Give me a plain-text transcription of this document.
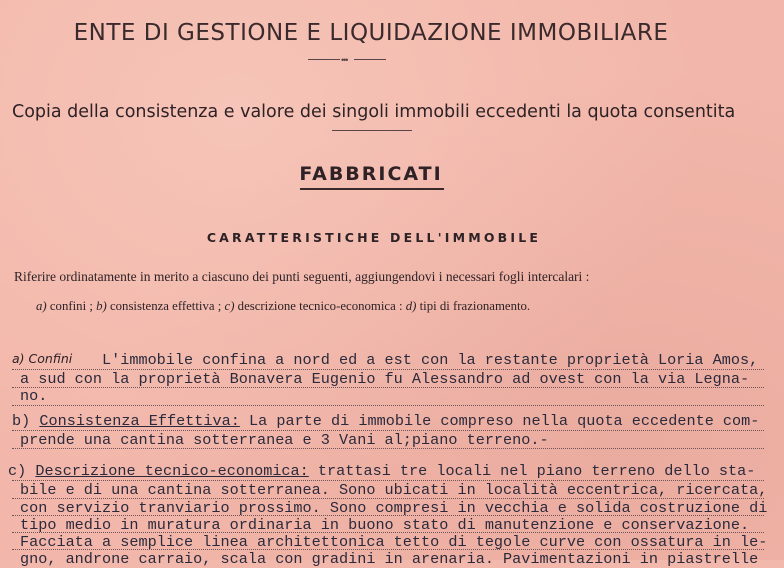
ENTE DI GESTIONE E LIQUIDAZIONE IMMOBILIARE
•••
Copia della consistenza e valore dei singoli immobili eccedenti la quota consentita
FABBRICATI
CARATTERISTICHE DELL'IMMOBILE
Riferire ordinatamente in merito a ciascuno dei punti seguenti, aggiungendovi i necessari fogli intercalari :
a) confini ; b) consistenza effettiva ; c) descrizione tecnico-economica : d) tipi di frazionamento.
a) Confini L'immobile confina a nord ed a est con la restante proprietà Loria Amos,
a sud con la proprietà Bonavera Eugenio fu Alessandro ad ovest con la via Legna-
no.
b) Consistenza Effettiva: La parte di immobile compreso nella quota eccedente com-
prende una cantina sotterranea e 3 Vani al;piano terreno.-
c) Descrizione tecnico-economica: trattasi tre locali nel piano terreno dello sta-
bile e di una cantina sotterranea. Sono ubicati in località eccentrica, ricercata,
con servizio tranviario prossimo. Sono compresi in vecchia e solida costruzione di
tipo medio in muratura ordinaria in buono stato di manutenzione e conservazione.
Facciata a semplice linea architettonica tetto di tegole curve con ossatura in le-
gno, androne carraio, scala con gradini in arenaria. Pavimentazioni in piastrelle
